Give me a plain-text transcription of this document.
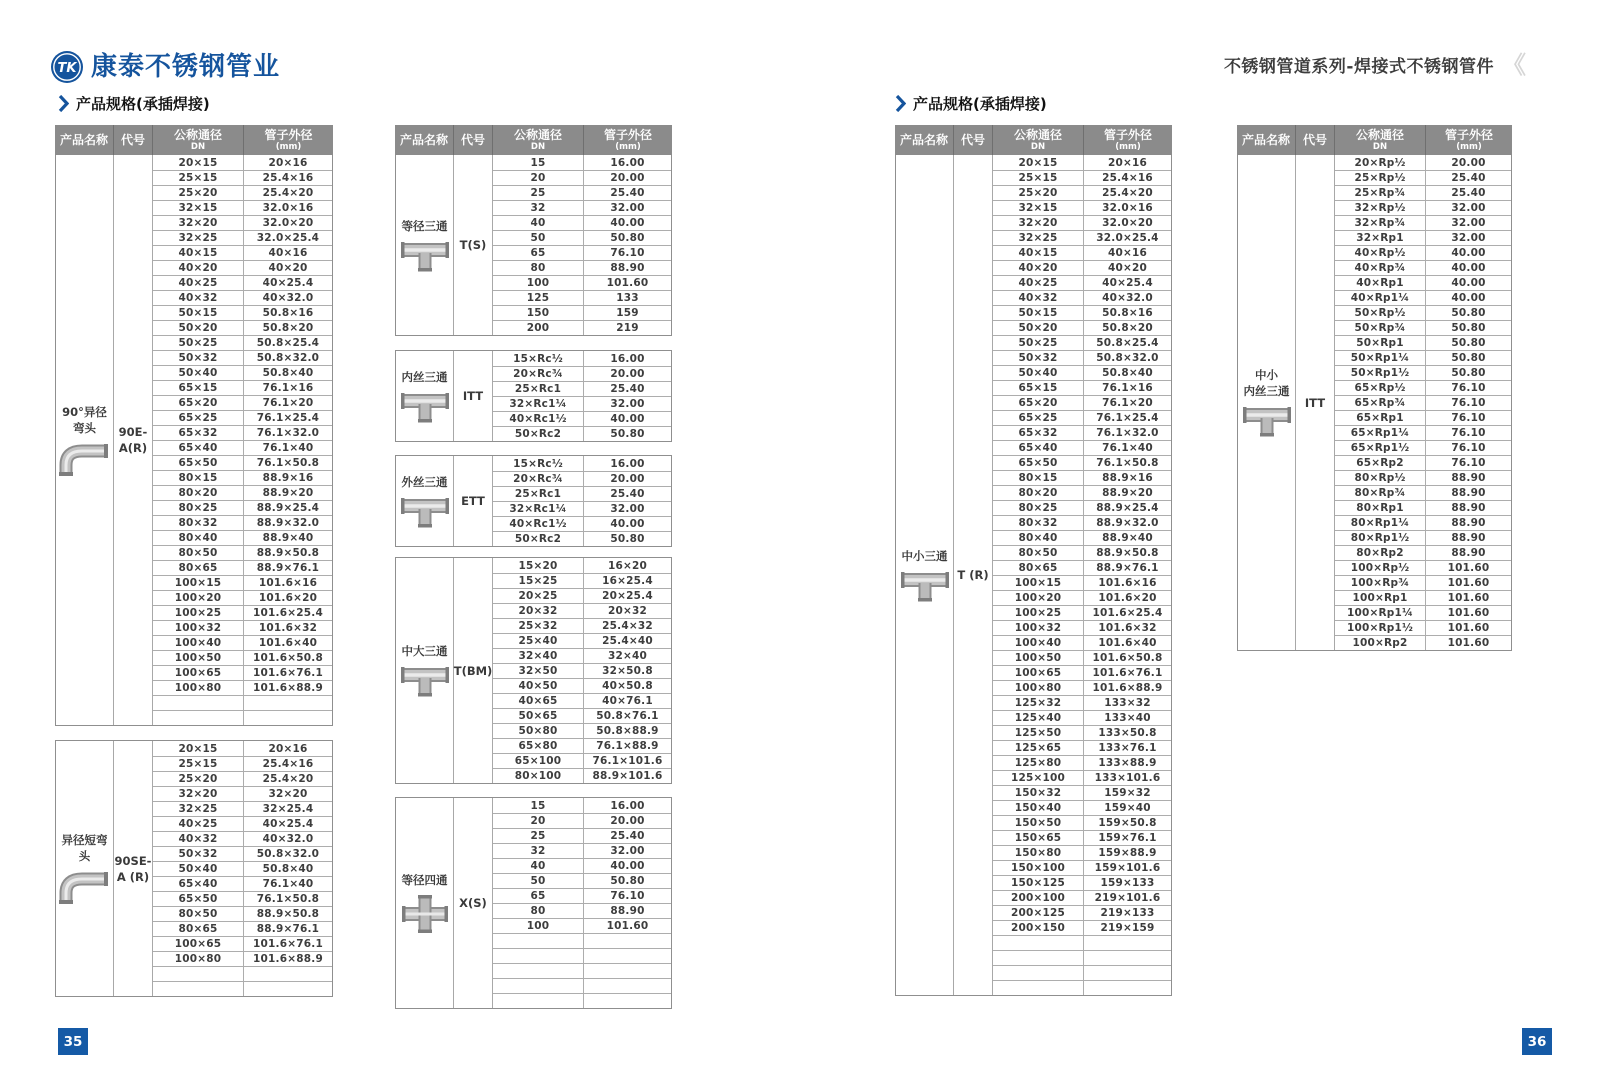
TK 康泰不锈钢管业	不锈钢管道系列-焊接式不锈钢管件 《
产品规格(承插焊接)	产品规格(承插焊接)
产品名称 代号 公称通径
DN
管子外径
(mm)
90°异径
弯头	90E-
A(R)
20×15	20×16
25×15	25.4×16
25×20	25.4×20
32×15	32.0×16
32×20	32.0×20
32×25	32.0×25.4
40×15	40×16
40×20	40×20
40×25	40×25.4
40×32	40×32.0
50×15	50.8×16
50×20	50.8×20
50×25	50.8×25.4
50×32	50.8×32.0
50×40	50.8×40
65×15	76.1×16
65×20	76.1×20
65×25	76.1×25.4
65×32	76.1×32.0
65×40	76.1×40
65×50	76.1×50.8
80×15	88.9×16
80×20	88.9×20
80×25	88.9×25.4
80×32	88.9×32.0
80×40	88.9×40
80×50	88.9×50.8
80×65	88.9×76.1
100×15	101.6×16
100×20	101.6×20
100×25	101.6×25.4
100×32	101.6×32
100×40	101.6×40
100×50	101.6×50.8
100×65	101.6×76.1
100×80	101.6×88.9
异径短弯头	90SE-
A (R)
20×15	20×16
25×15	25.4×16
25×20	25.4×20
32×20	32×20
32×25	32×25.4
40×25	40×25.4
40×32	40×32.0
50×32	50.8×32.0
50×40	50.8×40
65×40	76.1×40
65×50	76.1×50.8
80×50	88.9×50.8
80×65	88.9×76.1
100×65	101.6×76.1
100×80	101.6×88.9
产品名称 代号 公称通径
DN
管子外径
(mm)
等径三通
T(S)
15	16.00
20	20.00
25	25.40
32	32.00
40	40.00
50	50.80
65	76.10
80	88.90
100	101.60
125	133
150	159
200	219
内丝三通
ITT
15×Rc½	16.00
20×Rc¾	20.00
25×Rc1	25.40
32×Rc1¼	32.00
40×Rc1½	40.00
50×Rc2	50.80
外丝三通
ETT
15×Rc½	16.00
20×Rc¾	20.00
25×Rc1	25.40
32×Rc1¼	32.00
40×Rc1½	40.00
50×Rc2	50.80
中大三通
T(BM)
15×20	16×20
15×25	16×25.4
20×25	20×25.4
20×32	20×32
25×32	25.4×32
25×40	25.4×40
32×40	32×40
32×50	32×50.8
40×50	40×50.8
40×65	40×76.1
50×65	50.8×76.1
50×80	50.8×88.9
65×80	76.1×88.9
65×100	76.1×101.6
80×100	88.9×101.6
等径四通
X(S)
15	16.00
20	20.00
25	25.40
32	32.00
40	40.00
50	50.80
65	76.10
80	88.90
100	101.60
产品名称 代号 公称通径
DN
管子外径
(mm)
中小三通
T (R)
20×15	20×16
25×15	25.4×16
25×20	25.4×20
32×15	32.0×16
32×20	32.0×20
32×25	32.0×25.4
40×15	40×16
40×20	40×20
40×25	40×25.4
40×32	40×32.0
50×15	50.8×16
50×20	50.8×20
50×25	50.8×25.4
50×32	50.8×32.0
50×40	50.8×40
65×15	76.1×16
65×20	76.1×20
65×25	76.1×25.4
65×32	76.1×32.0
65×40	76.1×40
65×50	76.1×50.8
80×15	88.9×16
80×20	88.9×20
80×25	88.9×25.4
80×32	88.9×32.0
80×40	88.9×40
80×50	88.9×50.8
80×65	88.9×76.1
100×15	101.6×16
100×20	101.6×20
100×25	101.6×25.4
100×32	101.6×32
100×40	101.6×40
100×50	101.6×50.8
100×65	101.6×76.1
100×80	101.6×88.9
125×32	133×32
125×40	133×40
125×50	133×50.8
125×65	133×76.1
125×80	133×88.9
125×100	133×101.6
150×32	159×32
150×40	159×40
150×50	159×50.8
150×65	159×76.1
150×80	159×88.9
150×100	159×101.6
150×125	159×133
200×100	219×101.6
200×125	219×133
200×150	219×159
产品名称 代号 公称通径
DN
管子外径
(mm)
中小
内丝三通
ITT
20×Rp½	20.00
25×Rp½	25.40
25×Rp¾	25.40
32×Rp½	32.00
32×Rp¾	32.00
32×Rp1	32.00
40×Rp½	40.00
40×Rp¾	40.00
40×Rp1	40.00
40×Rp1¼	40.00
50×Rp½	50.80
50×Rp¾	50.80
50×Rp1	50.80
50×Rp1¼	50.80
50×Rp1½	50.80
65×Rp½	76.10
65×Rp¾	76.10
65×Rp1	76.10
65×Rp1¼	76.10
65×Rp1½	76.10
65×Rp2	76.10
80×Rp½	88.90
80×Rp¾	88.90
80×Rp1	88.90
80×Rp1¼	88.90
80×Rp1½	88.90
80×Rp2	88.90
100×Rp½	101.60
100×Rp¾	101.60
100×Rp1	101.60
100×Rp1¼	101.60
100×Rp1½	101.60
100×Rp2	101.60
35	36
